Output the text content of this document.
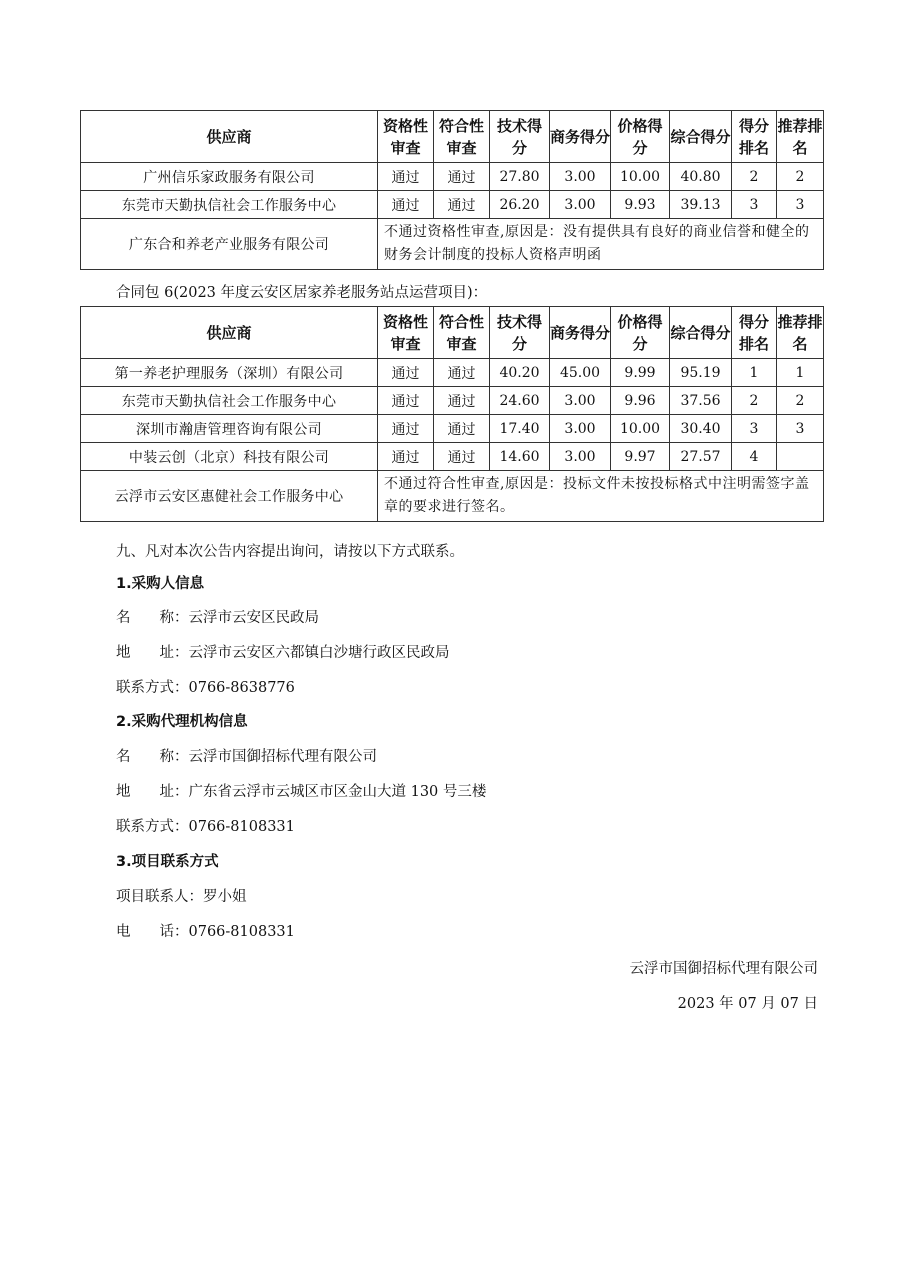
供应商	资格性审查	符合性审查	技术得分	商务得分	价格得分	综合得分	得分排名	推荐排名
广州信乐家政服务有限公司	通过	通过	27.80	3.00	10.00	40.80	2	2
东莞市天勤执信社会工作服务中心	通过	通过	26.20	3.00	9.93	39.13	3	3
广东合和养老产业服务有限公司	不通过资格性审查,原因是：没有提供具有良好的商业信誉和健全的财务会计制度的投标人资格声明函							
合同包 6(2023 年度云安区居家养老服务站点运营项目)：
供应商	资格性审查	符合性审查	技术得分	商务得分	价格得分	综合得分	得分排名	推荐排名
第一养老护理服务（深圳）有限公司	通过	通过	40.20	45.00	9.99	95.19	1	1
东莞市天勤执信社会工作服务中心	通过	通过	24.60	3.00	9.96	37.56	2	2
深圳市瀚唐管理咨询有限公司	通过	通过	17.40	3.00	10.00	30.40	3	3
中装云创（北京）科技有限公司	通过	通过	14.60	3.00	9.97	27.57	4	
云浮市云安区惠健社会工作服务中心	不通过符合性审查,原因是：投标文件未按投标格式中注明需签字盖章的要求进行签名。							
九、凡对本次公告内容提出询问，请按以下方式联系。
1.采购人信息
名　　称：云浮市云安区民政局
地　　址：云浮市云安区六都镇白沙塘行政区民政局
联系方式：0766-8638776
2.采购代理机构信息
名　　称：云浮市国御招标代理有限公司
地　　址：广东省云浮市云城区市区金山大道 130 号三楼
联系方式：0766-8108331
3.项目联系方式
项目联系人：罗小姐
电　　话：0766-8108331
云浮市国御招标代理有限公司
2023 年 07 月 07 日
